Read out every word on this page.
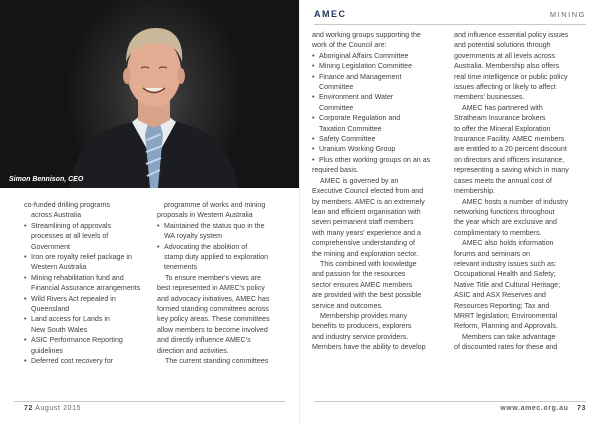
Simon Bennison, CEO

co-funded drilling programs

across Australia

• Streamlining of approvals

processes at all levels of

Government

• Iron ore royalty relief package in

Western Australia

• Mining rehabilitation fund and

Financial Assurance arrangements

• Wild Rivers Act repealed in

Queensland

• Land access for Lands in

New South Wales

• ASIC Performance Reporting

guidelines

• Deferred cost recovery for

programme of works and mining

proposals in Western Australia

• Maintained the status quo in the

WA royalty system

• Advocating the abolition of

stamp duty applied to exploration

tenements

To ensure member's views are

best represented in AMEC's policy

and advocacy initiatives, AMEC has

formed standing committees across

key policy areas. These committees

allow members to become involved

and directly influence AMEC's

direction and activities.

The current standing committees

72 August 2015
AMEC	MINING

and working groups supporting the

work of the Council are:

• Aboriginal Affairs Committee

• Mining Legislation Committee

• Finance and Management

Committee

• Environment and Water

Committee

• Corporate Regulation and

Taxation Committee

• Safety Committee

• Uranium Working Group

• Plus other working groups on an as

required basis.

AMEC is governed by an

Executive Council elected from and

by members. AMEC is an extremely

lean and efficient organisation with

seven permanent staff members

with many years' experience and a

comprehensive understanding of

the mining and exploration sector.

This combined with knowledge

and passion for the resources

sector ensures AMEC members

are provided with the best possible

service and outcomes.

Membership provides many

benefits to producers, explorers

and industry service providers.

Members have the ability to develop

and influence essential policy issues

and potential solutions through

governments at all levels across

Australia. Membership also offers

real time intelligence or public policy

issues affecting or likely to affect

members' businesses.

AMEC has partnered with

Stratheam Insurance brokers

to offer the Mineral Exploration

Insurance Facility. AMEC members

are entitled to a 20 percent discount

on directors and officers insurance,

representing a saving which in many

cases meets the annual cost of

membership.

AMEC hosts a number of industry

networking functions throughout

the year which are exclusive and

complimentary to members.

AMEC also holds information

forums and seminars on

relevant industry issues such as:

Occupational Health and Safety;

Native Title and Cultural Heritage;

ASIC and ASX Reserves and

Resources Reporting; Tax and

MRRT legislation; Environmental

Reform, Planning and Approvals.

Members can take advantage

of discounted rates for these and

www.amec.org.au 73
